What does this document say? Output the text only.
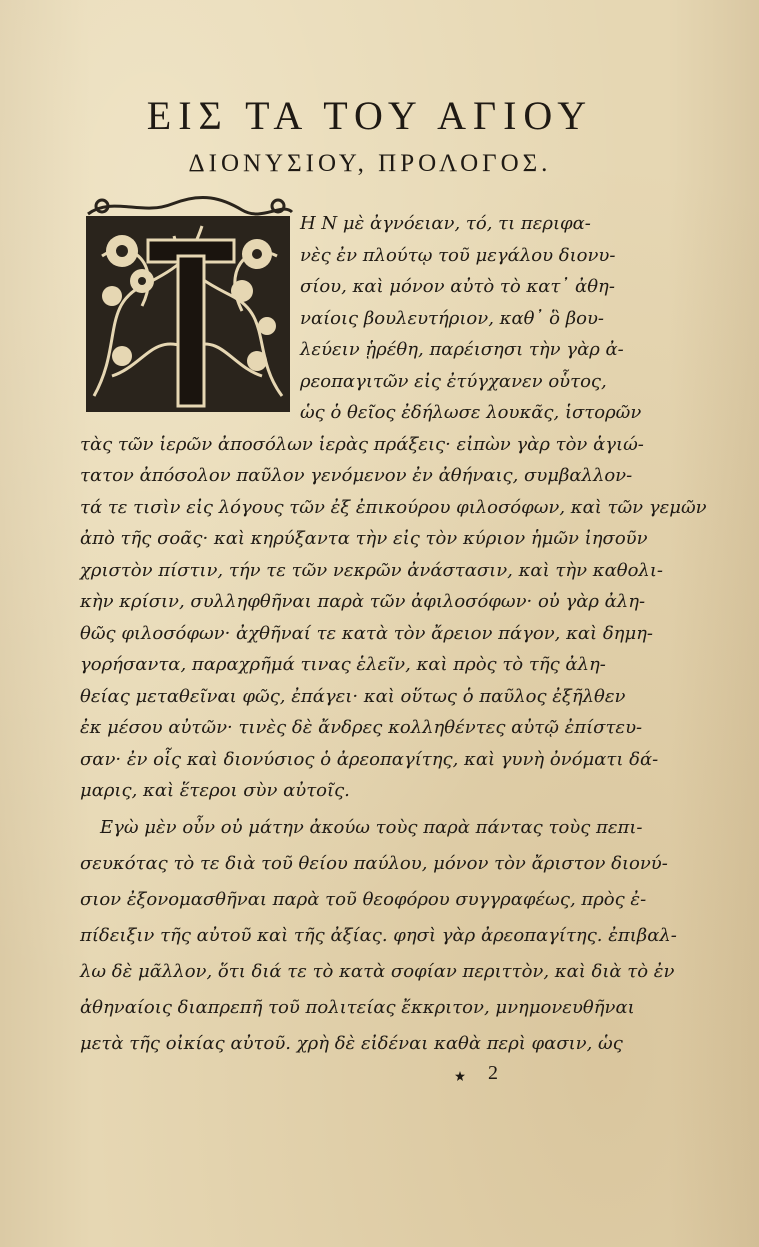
ΕΙΣ ΤΑ ΤΟΥ ΑΓΙΟΥ
ΔΙΟΝΥΣΙΟΥ, ΠΡΟΛΟΓΟΣ.
Η Ν μὲ ἀγνόειαν, τό, τι περιφα-
νὲς ἐν πλούτῳ τοῦ μεγάλου διονυ-
σίου, καὶ μόνον αὐτὸ τὸ κατ᾽ ἀθη-
ναίοις βουλευτήριον, καθ᾽ ὃ βου-
λεύειν ᾑρέθη, παρέισησι τὴν γὰρ ἀ-
ρεοπαγιτῶν εἰς ἐτύγχανεν οὗτος,
ὡς ὁ θεῖος ἐδήλωσε λουκᾶς, ἱστορῶν
τὰς τῶν ἱερῶν ἀποσόλων ἱερὰς πράξεις· εἰπὼν γὰρ τὸν ἁγιώ-
τατον ἀπόσολον παῦλον γενόμενον ἐν ἀθήναις, συμβαλλον-
τά τε τισὶν εἰς λόγους τῶν ἐξ ἐπικούρου φιλοσόφων, καὶ τῶν γεμῶν
ἀπὸ τῆς σοᾶς· καὶ κηρύξαντα τὴν εἰς τὸν κύριον ἡμῶν ἰησοῦν
χριστὸν πίστιν, τήν τε τῶν νεκρῶν ἀνάστασιν, καὶ τὴν καθολι-
κὴν κρίσιν, συλληφθῆναι παρὰ τῶν ἀφιλοσόφων· οὐ γὰρ ἀλη-
θῶς φιλοσόφων· ἀχθῆναί τε κατὰ τὸν ἄρειον πάγον, καὶ δημη-
γορήσαντα, παραχρῆμά τινας ἑλεῖν, καὶ πρὸς τὸ τῆς ἀλη-
θείας μεταθεῖναι φῶς, ἐπάγει· καὶ οὕτως ὁ παῦλος ἐξῆλθεν
ἐκ μέσου αὐτῶν· τινὲς δὲ ἄνδρες κολληθέντες αὐτῷ ἐπίστευ-
σαν· ἐν οἷς καὶ διονύσιος ὁ ἀρεοπαγίτης, καὶ γυνὴ ὀνόματι δά-
μαρις, καὶ ἕτεροι σὺν αὐτοῖς.
Εγὼ μὲν οὖν οὐ μάτην ἀκούω τοὺς παρὰ πάντας τοὺς πεπι-
σευκότας τὸ τε διὰ τοῦ θείου παύλου, μόνον τὸν ἄριστον διονύ-
σιον ἐξονομασθῆναι παρὰ τοῦ θεοφόρου συγγραφέως, πρὸς ἐ-
πίδειξιν τῆς αὐτοῦ καὶ τῆς ἀξίας. φησὶ γὰρ ἀρεοπαγίτης. ἐπιβαλ-
λω δὲ μᾶλλον, ὅτι διά τε τὸ κατὰ σοφίαν περιττὸν, καὶ διὰ τὸ ἐν
ἀθηναίοις διαπρεπῆ τοῦ πολιτείας ἔκκριτον, μνημονευθῆναι
μετὰ τῆς οἰκίας αὐτοῦ. χρὴ δὲ εἰδέναι καθὰ περὶ φασιν, ὡς
2
